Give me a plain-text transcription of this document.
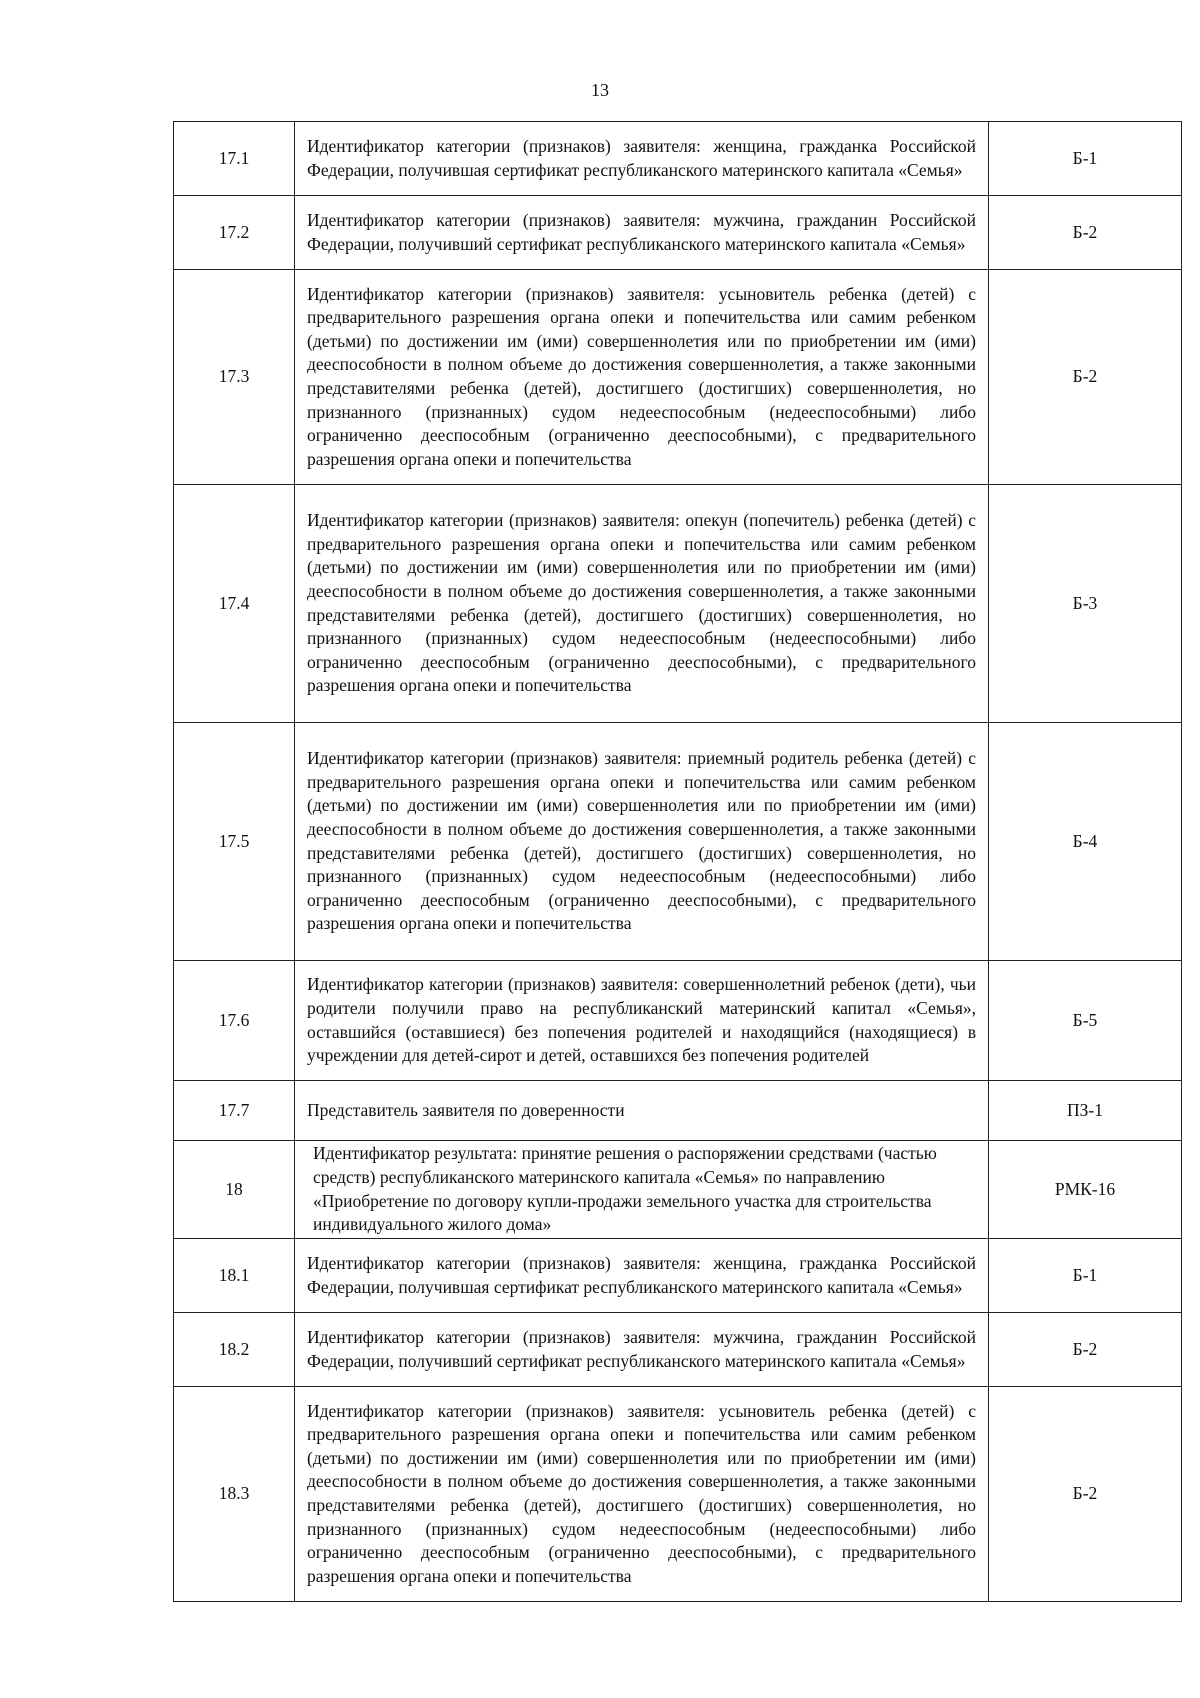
13
17.1	Идентификатор категории (признаков) заявителя: женщина, гражданка Российской Федерации, получившая сертификат республиканского материнского капитала «Семья»	Б-1
17.2	Идентификатор категории (признаков) заявителя: мужчина, гражданин Российской Федерации, получивший сертификат республиканского материнского капитала «Семья»	Б-2
17.3	Идентификатор категории (признаков) заявителя: усыновитель ребенка (детей) с предварительного разрешения органа опеки и попечительства или самим ребенком (детьми) по достижении им (ими) совершеннолетия или по приобретении им (ими) дееспособности в полном объеме до достижения совершеннолетия, а также законными представителями ребенка (детей), достигшего (достигших) совершеннолетия, но признанного (признанных) судом недееспособным (недееспособными) либо ограниченно дееспособным (ограниченно дееспособными), с предварительного разрешения органа опеки и попечительства	Б-2
17.4	Идентификатор категории (признаков) заявителя: опекун (попечитель) ребенка (детей) с предварительного разрешения органа опеки и попечительства или самим ребенком (детьми) по достижении им (ими) совершеннолетия или по приобретении им (ими) дееспособности в полном объеме до достижения совершеннолетия, а также законными представителями ребенка (детей), достигшего (достигших) совершеннолетия, но признанного (признанных) судом недееспособным (недееспособными) либо ограниченно дееспособным (ограниченно дееспособными), с предварительного разрешения органа опеки и попечительства	Б-3
17.5	Идентификатор категории (признаков) заявителя: приемный родитель ребенка (детей) с предварительного разрешения органа опеки и попечительства или самим ребенком (детьми) по достижении им (ими) совершеннолетия или по приобретении им (ими) дееспособности в полном объеме до достижения совершеннолетия, а также законными представителями ребенка (детей), достигшего (достигших) совершеннолетия, но признанного (признанных) судом недееспособным (недееспособными) либо ограниченно дееспособным (ограниченно дееспособными), с предварительного разрешения органа опеки и попечительства	Б-4
17.6	Идентификатор категории (признаков) заявителя: совершеннолетний ребенок (дети), чьи родители получили право на республиканский материнский капитал «Семья», оставшийся (оставшиеся) без попечения родителей и находящийся (находящиеся) в учреждении для детей-сирот и детей, оставшихся без попечения родителей	Б-5
17.7	Представитель заявителя по доверенности	ПЗ-1
18	Идентификатор результата: принятие решения о распоряжении средствами (частью средств) республиканского материнского капитала «Семья» по направлению «Приобретение по договору купли-продажи земельного участка для строительства индивидуального жилого дома»	РМК-16
18.1	Идентификатор категории (признаков) заявителя: женщина, гражданка Российской Федерации, получившая сертификат республиканского материнского капитала «Семья»	Б-1
18.2	Идентификатор категории (признаков) заявителя: мужчина, гражданин Российской Федерации, получивший сертификат республиканского материнского капитала «Семья»	Б-2
18.3	Идентификатор категории (признаков) заявителя: усыновитель ребенка (детей) с предварительного разрешения органа опеки и попечительства или самим ребенком (детьми) по достижении им (ими) совершеннолетия или по приобретении им (ими) дееспособности в полном объеме до достижения совершеннолетия, а также законными представителями ребенка (детей), достигшего (достигших) совершеннолетия, но признанного (признанных) судом недееспособным (недееспособными) либо ограниченно дееспособным (ограниченно дееспособными), с предварительного разрешения органа опеки и попечительства	Б-2
